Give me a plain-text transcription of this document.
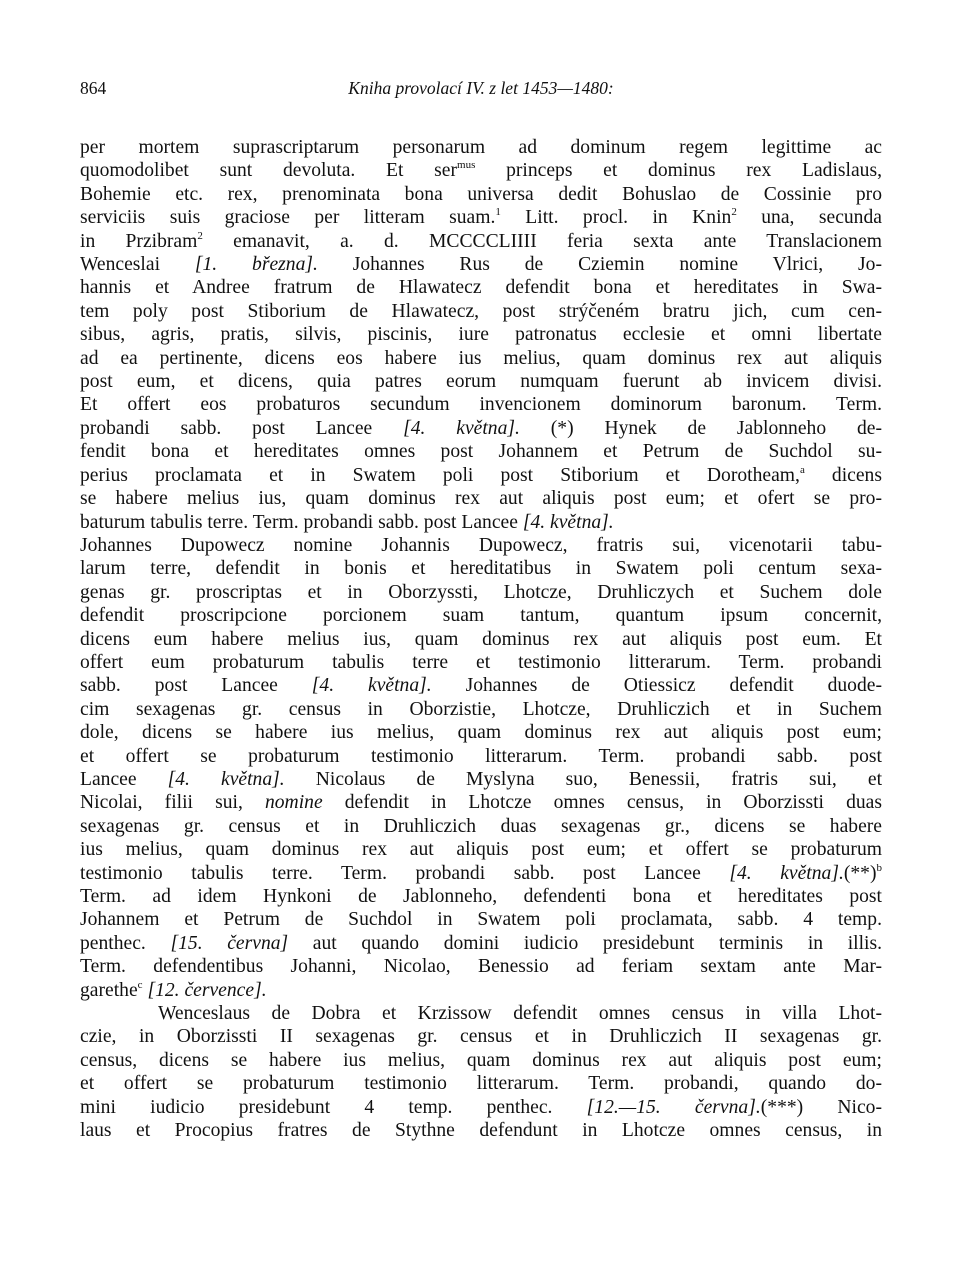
864	Kniha provolací IV. z let 1453—1480:
per mortem suprascriptarum personarum ad dominum regem legittime ac
quomodolibet sunt devoluta. Et ser$^{mus}$ princeps et dominus rex Ladislaus,
Bohemie etc. rex, prenominata bona universa dedit Bohuslao de Cossinie pro
serviciis suis graciose per litteram suam.$^1$ Litt. procl. in Knin$^2$ una, secunda
in Przibram$^2$ emanavit, a. d. MCCCCLIIII feria sexta ante Translacionem
Wenceslai [1. března]. Johannes Rus de Cziemin nomine Vlrici, Jo-
hannis et Andree fratrum de Hlawatecz defendit bona et hereditates in Swa-
tem poly post Stiborium de Hlawatecz, post strýčeném bratru jich, cum cen-
sibus, agris, pratis, silvis, piscinis, iure patronatus ecclesie et omni libertate
ad ea pertinente, dicens eos habere ius melius, quam dominus rex aut aliquis
post eum, et dicens, quia patres eorum numquam fuerunt ab invicem divisi.
Et offert eos probaturos secundum invencionem dominorum baronum. Term.
probandi sabb. post Lancee [4. května]. (*) Hynek de Jablonneho de-
fendit bona et hereditates omnes post Johannem et Petrum de Suchdol su-
perius proclamata et in Swatem poli post Stiborium et Dorotheam,$^a$ dicens
se habere melius ius, quam dominus rex aut aliquis post eum; et ofert se pro-
baturum tabulis terre. Term. probandi sabb. post Lancee [4. května].
Johannes Dupowecz nomine Johannis Dupowecz, fratris sui, vicenotarii tabu-
larum terre, defendit in bonis et hereditatibus in Swatem poli centum sexa-
genas gr. proscriptas et in Oborzyssti, Lhotcze, Druhliczych et Suchem dole
defendit proscripcione porcionem suam tantum, quantum ipsum concernit,
dicens eum habere melius ius, quam dominus rex aut aliquis post eum. Et
offert eum probaturum tabulis terre et testimonio litterarum. Term. probandi
sabb. post Lancee [4. května]. Johannes de Otiessicz defendit duode-
cim sexagenas gr. census in Oborzistie, Lhotcze, Druhliczich et in Suchem
dole, dicens se habere ius melius, quam dominus rex aut aliquis post eum;
et offert se probaturum testimonio litterarum. Term. probandi sabb. post
Lancee [4. května]. Nicolaus de Myslyna suo, Benessii, fratris sui, et
Nicolai, filii sui, nomine defendit in Lhotcze omnes census, in Oborzissti duas
sexagenas gr. census et in Druhliczich duas sexagenas gr., dicens se habere
ius melius, quam dominus rex aut aliquis post eum; et offert se probaturum
testimonio tabulis terre. Term. probandi sabb. post Lancee [4. $května].(**)^b$
Term. ad idem Hynkoni de Jablonneho, defendenti bona et hereditates post
Johannem et Petrum de Suchdol in Swatem poli proclamata, sabb. 4 temp.
penthec. [15. června] aut quando domini iudicio presidebunt terminis in illis.
Term. defendentibus Johanni, Nicolao, Benessio ad feriam sextam ante Mar-
garethe$^c$ [12. července].
Wenceslaus de Dobra et Krzissow defendit omnes census in villa Lhot-
czie, in Oborzissti II sexagenas gr. census et in Druhliczich II sexagenas gr.
census, dicens se habere ius melius, quam dominus rex aut aliquis post eum;
et offert se probaturum testimonio litterarum. Term. probandi, quando do-
mini iudicio presidebunt 4 temp. penthec. [12.—15. června].(***) Nico-
laus et Procopius fratres de Stythne defendunt in Lhotcze omnes census, in
